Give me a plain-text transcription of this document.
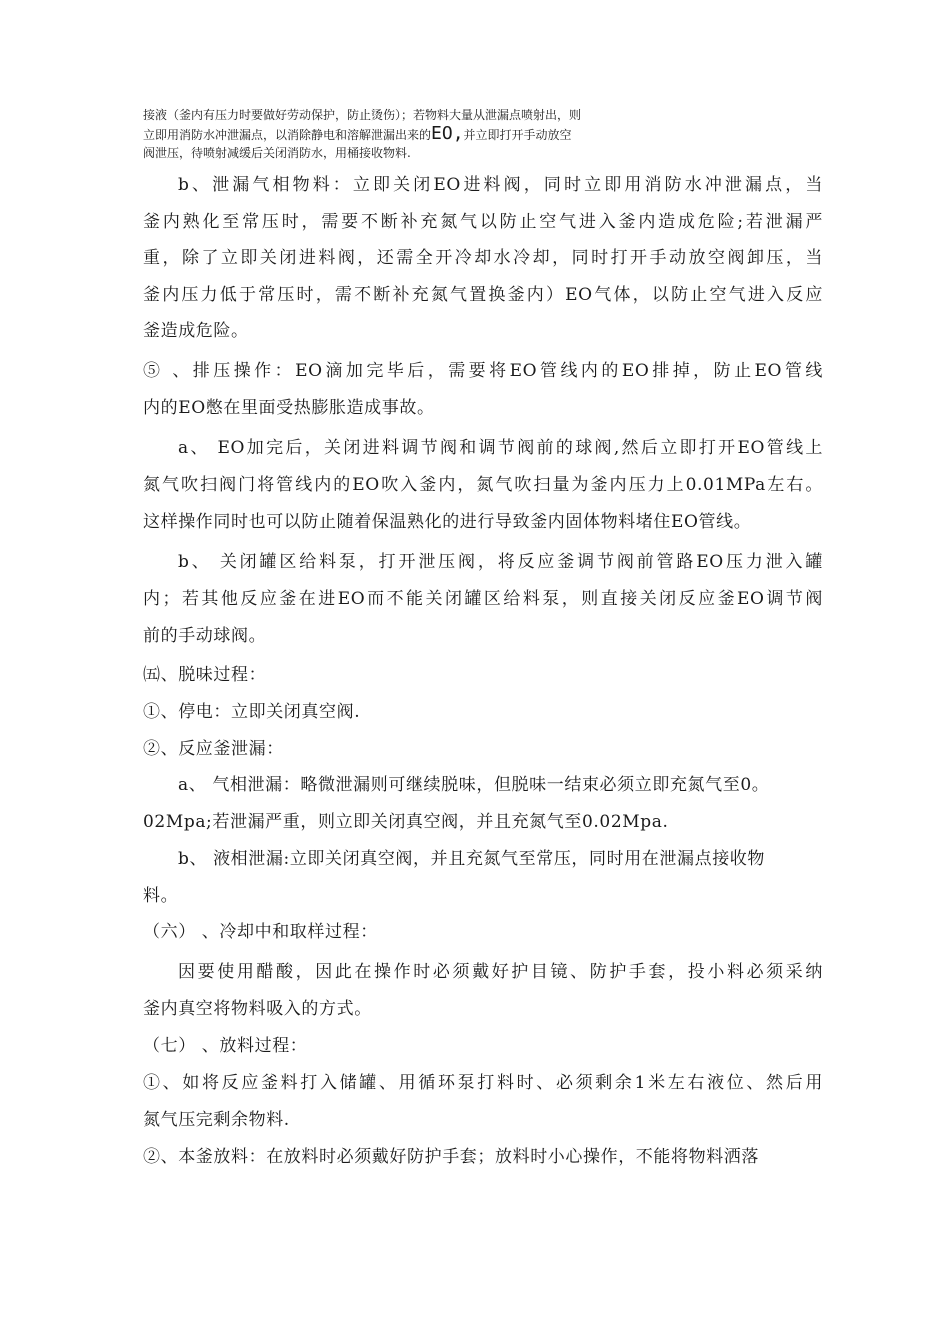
接液（釜内有压力时要做好劳动保护，防止烫伤）；若物料大量从泄漏点喷射出，则
立即用消防水冲泄漏点，以消除静电和溶解泄漏出来的EO,并立即打开手动放空
阀泄压，待喷射减缓后关闭消防水，用桶接收物料.
b、泄漏气相物料：立即关闭EO进料阀，同时立即用消防水冲泄漏点，当
釜内熟化至常压时，需要不断补充氮气以防止空气进入釜内造成危险;若泄漏严
重，除了立即关闭进料阀，还需全开冷却水冷却，同时打开手动放空阀卸压，当
釜内压力低于常压时，需不断补充氮气置换釜内）EO气体，以防止空气进入反应
釜造成危险。
⑤ 、排压操作：EO滴加完毕后，需要将EO管线内的EO排掉，防止EO管线
内的EO憋在里面受热膨胀造成事故。
a、 EO加完后，关闭进料调节阀和调节阀前的球阀,然后立即打开EO管线上
氮气吹扫阀门将管线内的EO吹入釜内，氮气吹扫量为釜内压力上0.01MPa左右。
这样操作同时也可以防止随着保温熟化的进行导致釜内固体物料堵住EO管线。
b、 关闭罐区给料泵，打开泄压阀，将反应釜调节阀前管路EO压力泄入罐
内；若其他反应釜在进EO而不能关闭罐区给料泵，则直接关闭反应釜EO调节阀
前的手动球阀。
㈤、脱味过程：
①、停电：立即关闭真空阀.
②、反应釜泄漏：
a、 气相泄漏：略微泄漏则可继续脱味，但脱味一结束必须立即充氮气至0。
02Mpa;若泄漏严重，则立即关闭真空阀，并且充氮气至0.02Mpa.
b、 液相泄漏:立即关闭真空阀，并且充氮气至常压，同时用在泄漏点接收物
料。
（六） 、冷却中和取样过程：
因要使用醋酸，因此在操作时必须戴好护目镜、防护手套，投小料必须采纳
釜内真空将物料吸入的方式。
（七） 、放料过程：
①、如将反应釜料打入储罐、用循环泵打料时、必须剩余1米左右液位、然后用
氮气压完剩余物料.
②、本釜放料：在放料时必须戴好防护手套；放料时小心操作，不能将物料洒落
